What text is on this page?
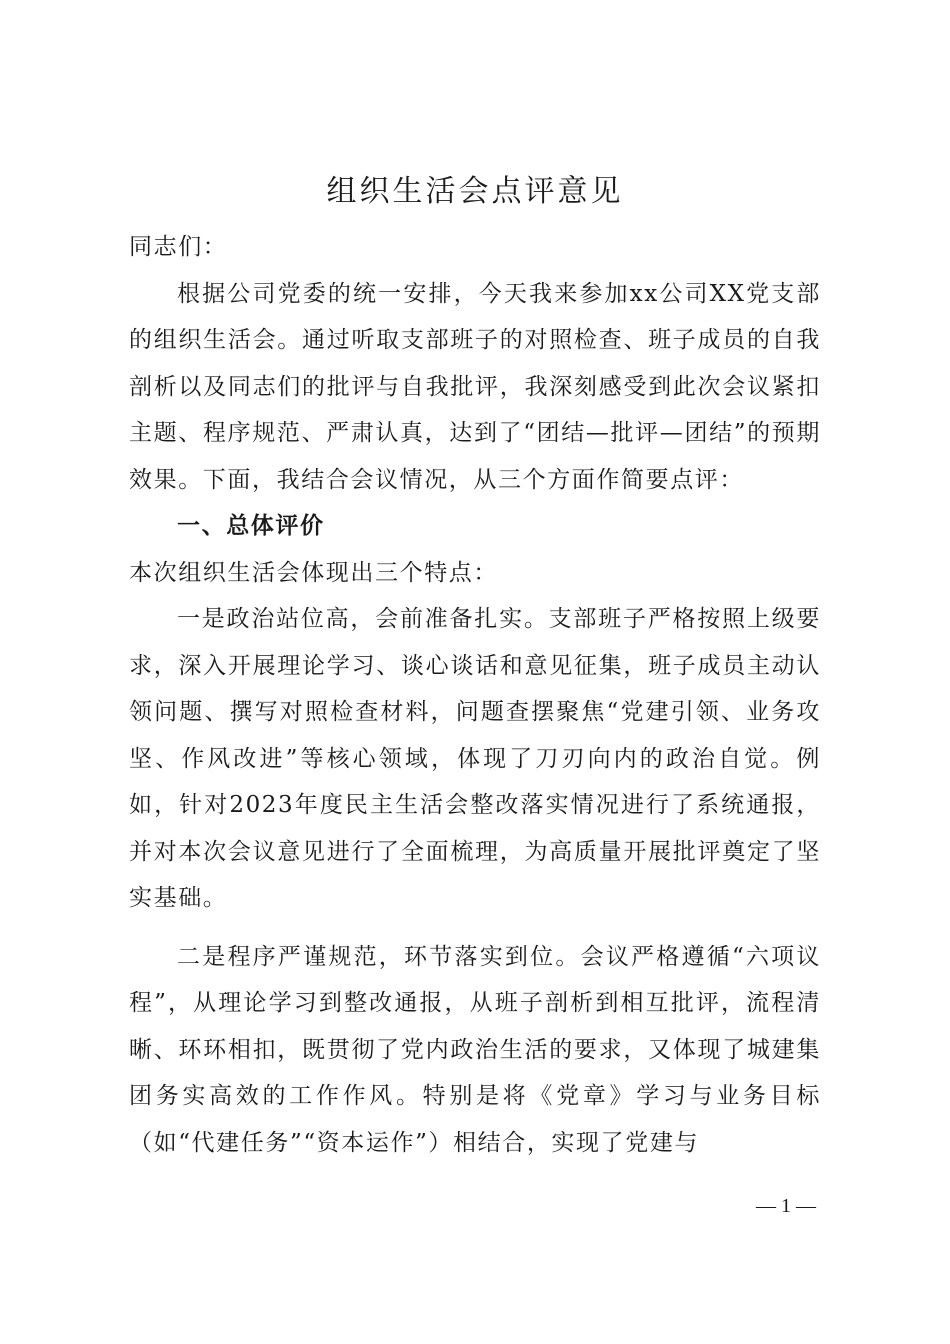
组织生活会点评意见

同志们：

根据公司党委的统一安排，今天我来参加xx公司XX党支部的组织生活会。通过听取支部班子的对照检查、班子成员的自我剖析以及同志们的批评与自我批评，我深刻感受到此次会议紧扣主题、程序规范、严肃认真，达到了“团结—批评—团结”的预期效果。下面，我结合会议情况，从三个方面作简要点评：

一、总体评价

本次组织生活会体现出三个特点：

一是政治站位高，会前准备扎实。支部班子严格按照上级要求，深入开展理论学习、谈心谈话和意见征集，班子成员主动认领问题、撰写对照检查材料，问题查摆聚焦“党建引领、业务攻坚、作风改进”等核心领域，体现了刀刃向内的政治自觉。例如，针对2023年度民主生活会整改落实情况进行了系统通报，并对本次会议意见进行了全面梳理，为高质量开展批评奠定了坚实基础。

二是程序严谨规范，环节落实到位。会议严格遵循“六项议程”，从理论学习到整改通报，从班子剖析到相互批评，流程清晰、环环相扣，既贯彻了党内政治生活的要求，又体现了城建集团务实高效的工作作风。特别是将《党章》学习与业务目标（如“代建任务”“资本运作”）相结合，实现了党建与

— 1 —
